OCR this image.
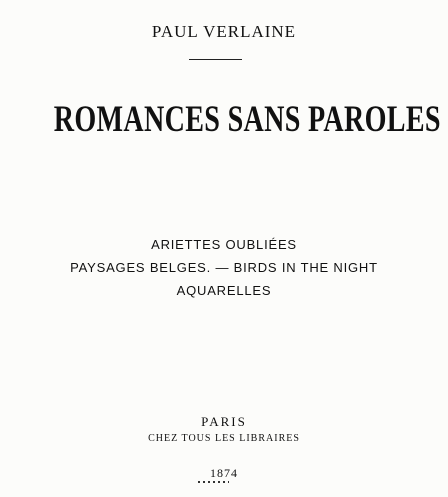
PAUL VERLAINE
ROMANCES SANS PAROLES
ARIETTES OUBLIÉES
PAYSAGES BELGES. — BIRDS IN THE NIGHT
AQUARELLES
PARIS
CHEZ TOUS LES LIBRAIRES
1874
